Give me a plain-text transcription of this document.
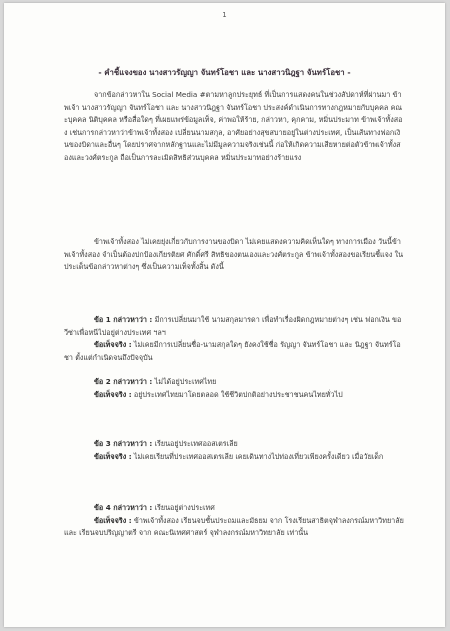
1
- คำชี้แจงของ นางสาวรัญญา จันทร์โอชา และ นางสาวนิฎฐา จันทร์โอชา -

จากข้อกล่าวหาใน Social Media #ตามหาลูกประยุทธ์ ที่เป็นการแสดงคนในช่วงสัปดาห์ที่ผ่านมา ข้าพเจ้า นางสาวรัญญา จันทร์โอชา และ นางสาวนิฎฐา จันทร์โอชา ประสงค์ดำเนินการทางกฎหมายกับบุคคล คณะบุคคล นิติบุคคล หรือสื่อใดๆ ที่เผยแพร่ข้อมูลเท็จ, ค่าพอให้ร้าย, กล่าวหา, คุกคาม, หมิ่นประมาท ข้าพเจ้าทั้งสอง เช่นการกล่าวหาว่าข้าพเจ้าทั้งสอง เปลี่ยนนามสกุล, อาศัยอย่างสุขสบายอยู่ในต่างประเทศ, เป็นเส้นทางฟอกเงินของบิดาและอื่นๆ โดยปราศจากหลักฐานและไม่มีมูลความจริงเช่นนี้ ก่อให้เกิดความเสียหายต่อตัวข้าพเจ้าทั้งสองและวงศ์ตระกูล ถือเป็นการละเมิดสิทธิส่วนบุคคล หมิ่นประมาทอย่างร้ายแรง

ข้าพเจ้าทั้งสอง ไม่เคยยุ่งเกี่ยวกับการงานของบิดา ไม่เคยแสดงความคิดเห็นใดๆ ทางการเมือง วันนี้ข้าพเจ้าทั้งสอง จำเป็นต้องปกป้องเกียรติยศ ศักดิ์ศรี สิทธิของตนเองและวงศ์ตระกูล ข้าพเจ้าทั้งสองขอเรียนชี้แจง ในประเด็นข้อกล่าวหาต่างๆ ซึ่งเป็นความเท็จทั้งสิ้น ดังนี้

ข้อ 1 กล่าวหาว่า : มีการเปลี่ยนมาใช้ นามสกุลมารดา เพื่อทำเรื่องผิดกฎหมายต่างๆ เช่น ฟอกเงิน ขอวีซ่าเพื่อหนีไปอยู่ต่างประเทศ ฯลฯ

ข้อเท็จจริง : ไม่เคยมีการเปลี่ยนชื่อ-นามสกุลใดๆ ยังคงใช้ชื่อ รัญญา จันทร์โอชา และ นิฎฐา จันทร์โอชา ตั้งแต่กำเนิดจนถึงปัจจุบัน

ข้อ 2 กล่าวหาว่า : ไม่ได้อยู่ประเทศไทย

ข้อเท็จจริง : อยู่ประเทศไทยมาโดยตลอด ใช้ชีวิตปกติอย่างประชาชนคนไทยทั่วไป

ข้อ 3 กล่าวหาว่า : เรียนอยู่ประเทศออสเตรเลีย

ข้อเท็จจริง : ไม่เคยเรียนที่ประเทศออสเตรเลีย เคยเดินทางไปท่องเที่ยวเพียงครั้งเดียว เมื่อวัยเด็ก

ข้อ 4 กล่าวหาว่า : เรียนอยู่ต่างประเทศ

ข้อเท็จจริง : ข้าพเจ้าทั้งสอง เรียนจบชั้นประถมและมัธยม จาก โรงเรียนสาธิตจุฬาลงกรณ์มหาวิทยาลัย และ เรียนจบปริญญาตรี จาก คณะนิเทศศาสตร์ จุฬาลงกรณ์มหาวิทยาลัย เท่านั้น
